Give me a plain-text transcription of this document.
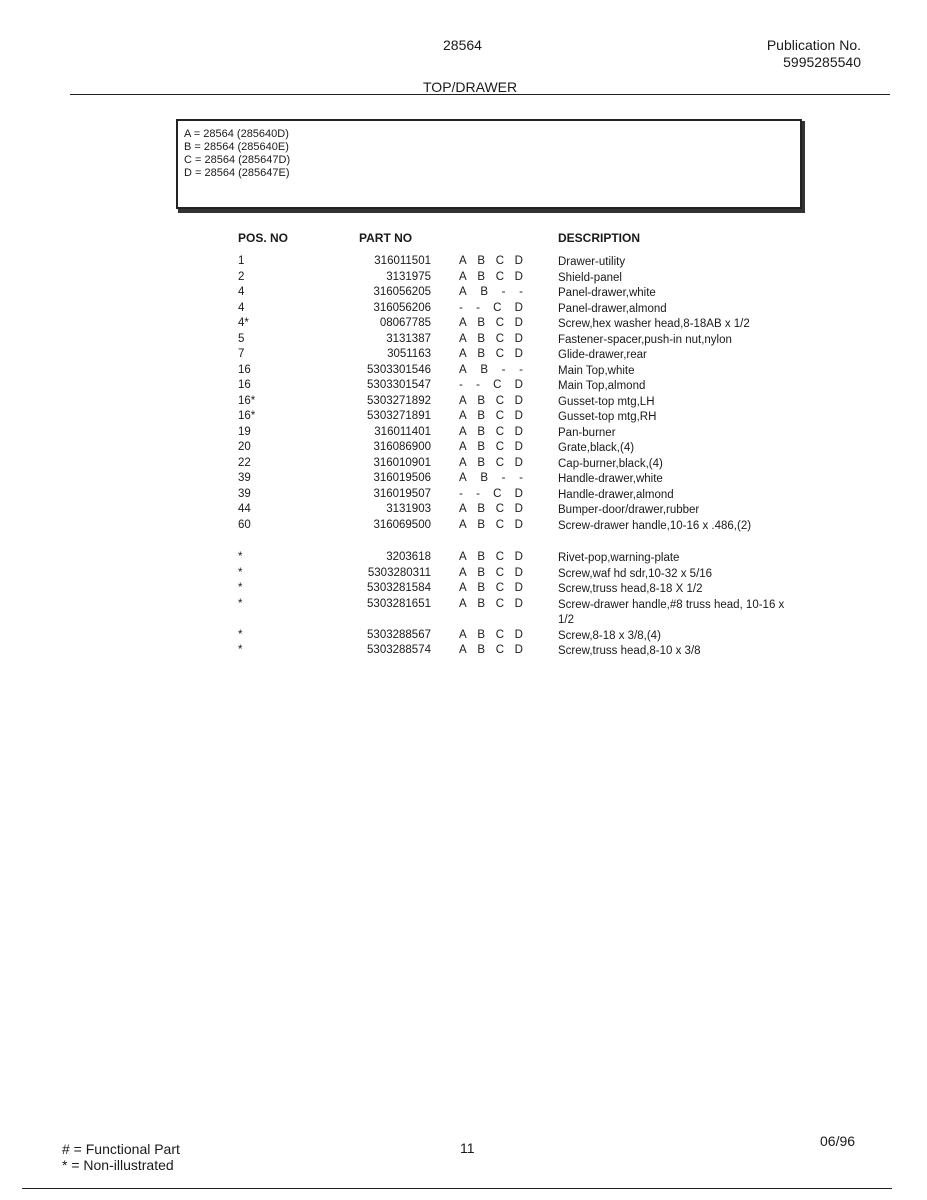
28564	Publication No.
5995285540
TOP/DRAWER
A = 28564 (285640D)
B = 28564 (285640E)
C = 28564 (285647D)
D = 28564 (285647E)
POS. NO	PART NO	DESCRIPTION
1	316011501 A B C D	Drawer-utility
2	3131975 A B C D	Shield-panel
4	316056205 A B - -	Panel-drawer,white
4	316056206 - - C D	Panel-drawer,almond
4*	08067785 A B C D	Screw,hex washer head,8-18AB x 1/2
5	3131387 A B C D	Fastener-spacer,push-in nut,nylon
7	3051163 A B C D	Glide-drawer,rear
16	5303301546 A B - -	Main Top,white
16	5303301547 - - C D	Main Top,almond
16*	5303271892 A B C D	Gusset-top mtg,LH
16*	5303271891 A B C D	Gusset-top mtg,RH
19	316011401 A B C D	Pan-burner
20	316086900 A B C D	Grate,black,(4)
22	316010901 A B C D	Cap-burner,black,(4)
39	316019506 A B - -	Handle-drawer,white
39	316019507 - - C D	Handle-drawer,almond
44	3131903 A B C D	Bumper-door/drawer,rubber
60	316069500 A B C D	Screw-drawer handle,10-16 x .486,(2)
*	3203618 A B C D	Rivet-pop,warning-plate
*	5303280311 A B C D	Screw,waf hd sdr,10-32 x 5/16
*	5303281584 A B C D	Screw,truss head,8-18 X 1/2
*	5303281651 A B C D	Screw-drawer handle,#8 truss head, 10-16 x 1/2
*	5303288567 A B C D	Screw,8-18 x 3/8,(4)
*	5303288574 A B C D	Screw,truss head,8-10 x 3/8
# = Functional Part
* = Non-illustrated
11	06/96
